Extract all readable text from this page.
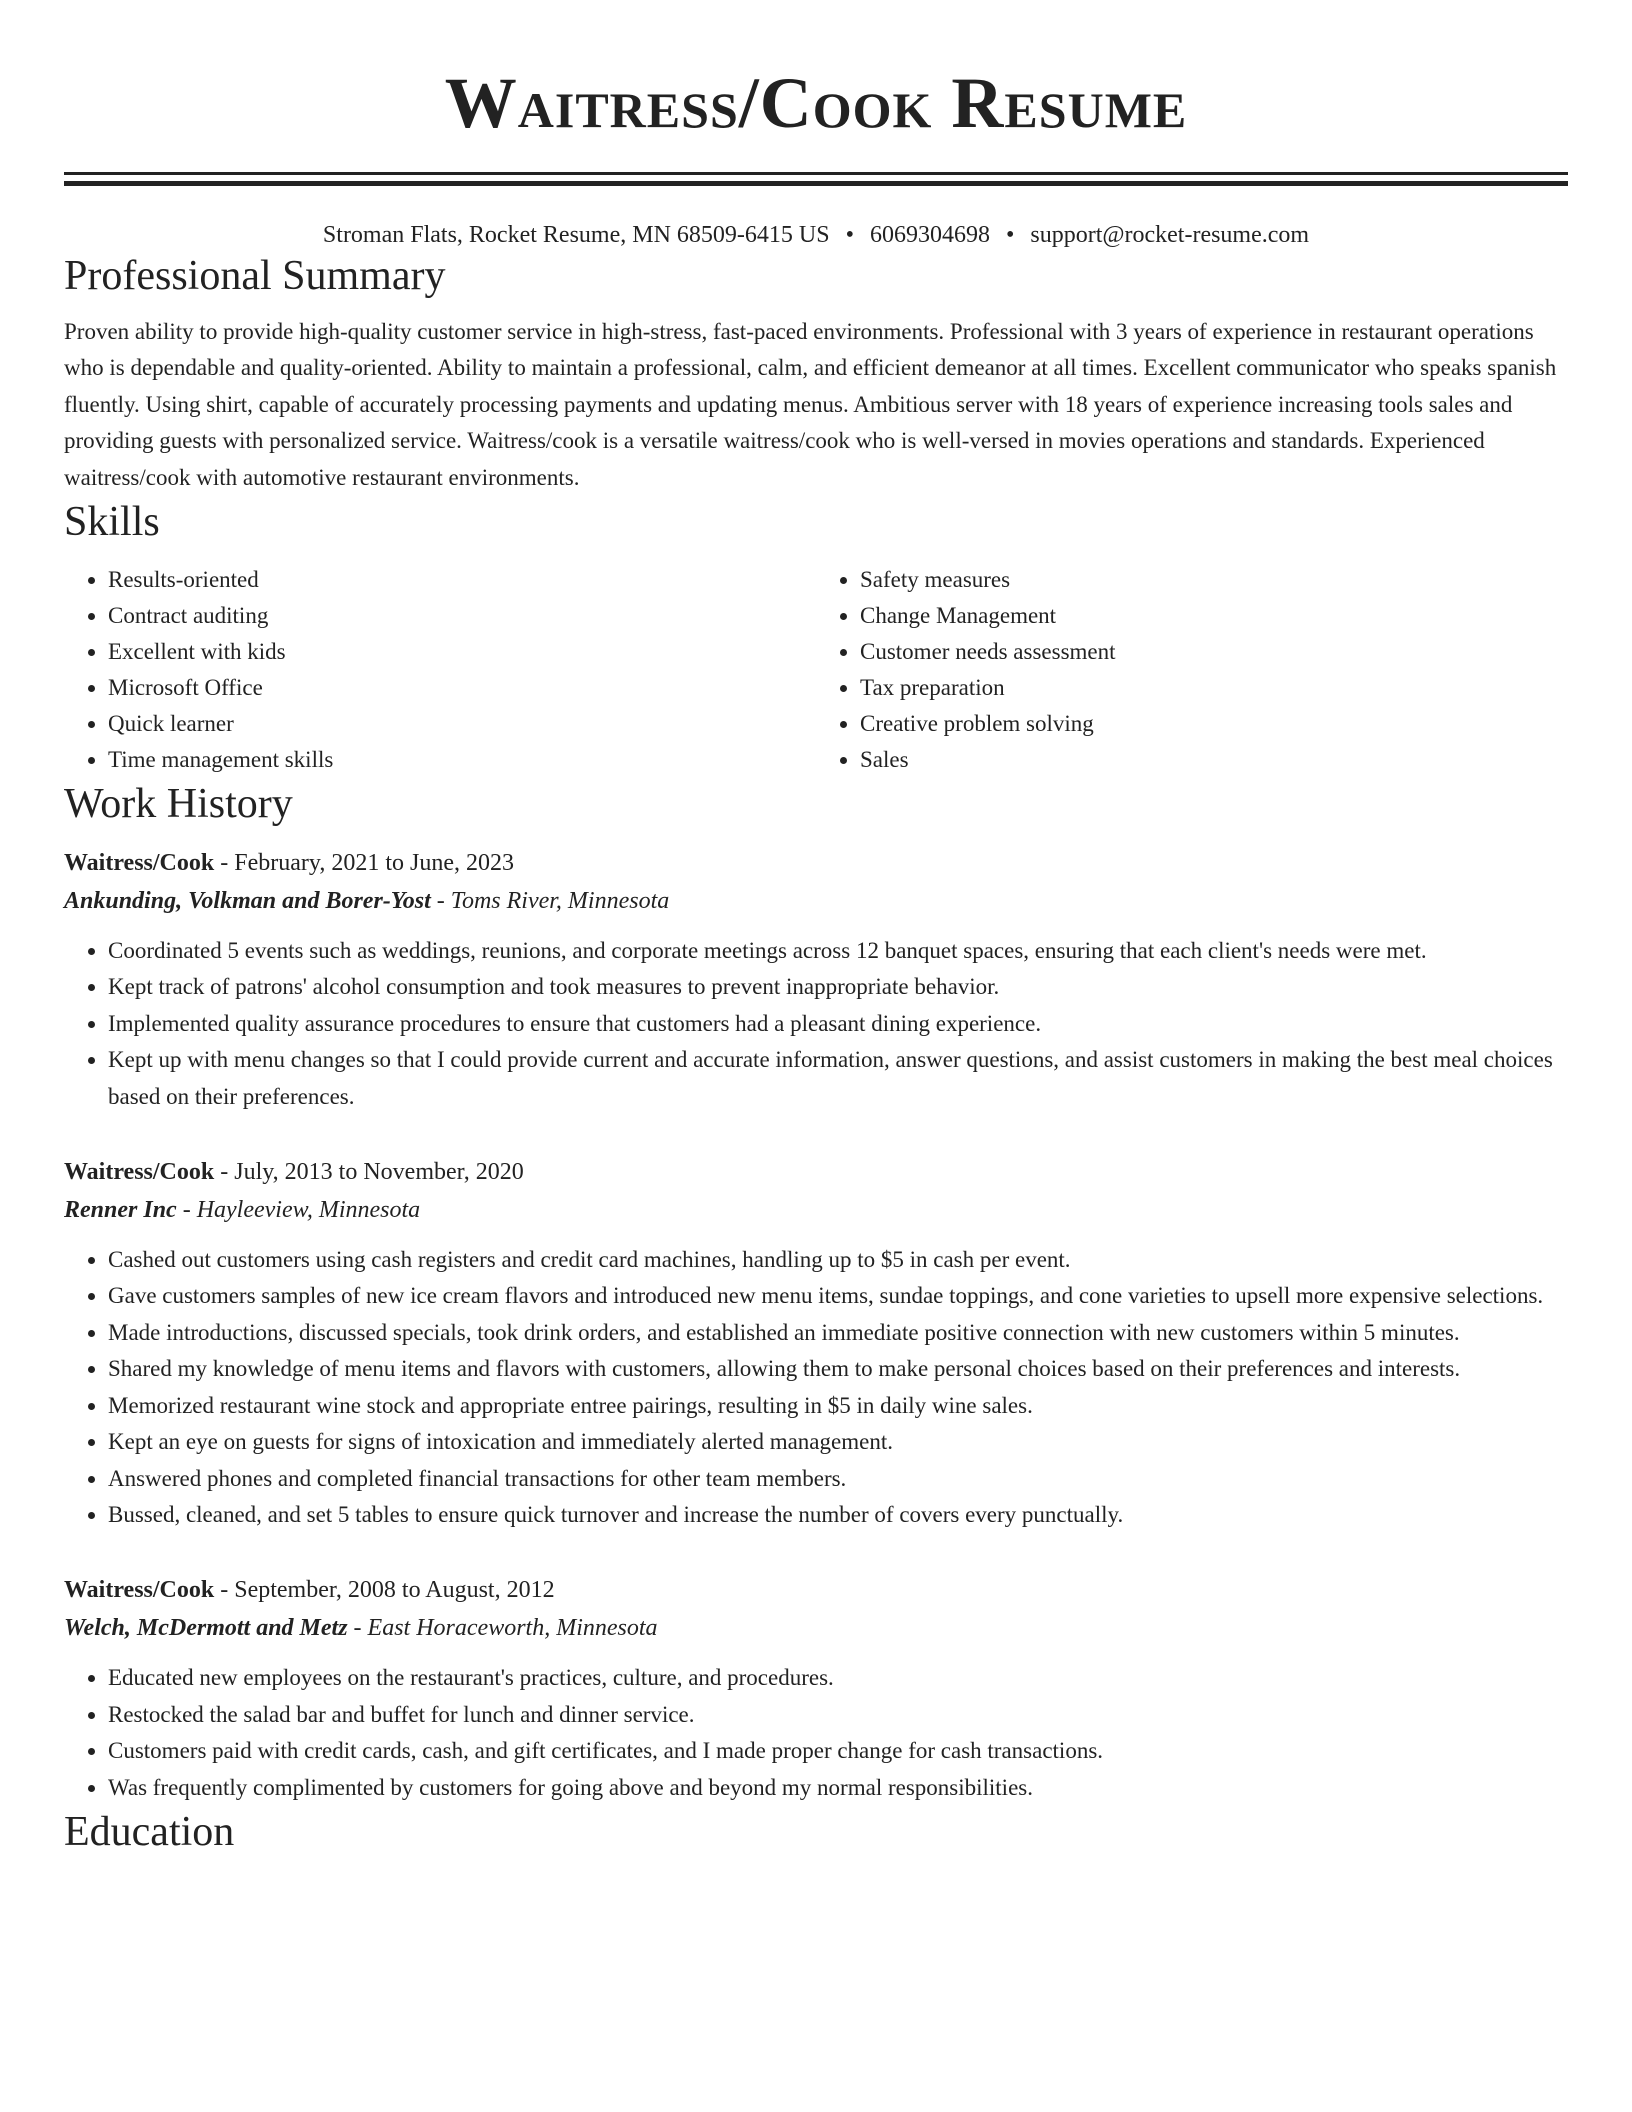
Waitress/Cook Resume
Stroman Flats, Rocket Resume, MN 68509-6415 US • 6069304698 • support@rocket-resume.com
Professional Summary

Proven ability to provide high-quality customer service in high-stress, fast-paced environments. Professional with 3 years of experience in restaurant operations who is dependable and quality-oriented. Ability to maintain a professional, calm, and efficient demeanor at all times. Excellent communicator who speaks spanish fluently. Using shirt, capable of accurately processing payments and updating menus. Ambitious server with 18 years of experience increasing tools sales and providing guests with personalized service. Waitress/cook is a versatile waitress/cook who is well-versed in movies operations and standards. Experienced waitress/cook with automotive restaurant environments.

Skills
• Results-oriented
• Contract auditing
• Excellent with kids
• Microsoft Office
• Quick learner
• Time management skills
• Safety measures
• Change Management
• Customer needs assessment
• Tax preparation
• Creative problem solving
• Sales
Work History
Waitress/Cook - February, 2021 to June, 2023
Ankunding, Volkman and Borer-Yost - Toms River, Minnesota
• Coordinated 5 events such as weddings, reunions, and corporate meetings across 12 banquet spaces, ensuring that each client's needs were met.
• Kept track of patrons' alcohol consumption and took measures to prevent inappropriate behavior.
• Implemented quality assurance procedures to ensure that customers had a pleasant dining experience.
• Kept up with menu changes so that I could provide current and accurate information, answer questions, and assist customers in making the best meal choices based on their preferences.
Waitress/Cook - July, 2013 to November, 2020
Renner Inc - Hayleeview, Minnesota
• Cashed out customers using cash registers and credit card machines, handling up to $5 in cash per event.
• Gave customers samples of new ice cream flavors and introduced new menu items, sundae toppings, and cone varieties to upsell more expensive selections.
• Made introductions, discussed specials, took drink orders, and established an immediate positive connection with new customers within 5 minutes.
• Shared my knowledge of menu items and flavors with customers, allowing them to make personal choices based on their preferences and interests.
• Memorized restaurant wine stock and appropriate entree pairings, resulting in $5 in daily wine sales.
• Kept an eye on guests for signs of intoxication and immediately alerted management.
• Answered phones and completed financial transactions for other team members.
• Bussed, cleaned, and set 5 tables to ensure quick turnover and increase the number of covers every punctually.
Waitress/Cook - September, 2008 to August, 2012
Welch, McDermott and Metz - East Horaceworth, Minnesota
• Educated new employees on the restaurant's practices, culture, and procedures.
• Restocked the salad bar and buffet for lunch and dinner service.
• Customers paid with credit cards, cash, and gift certificates, and I made proper change for cash transactions.
• Was frequently complimented by customers for going above and beyond my normal responsibilities.
Education
